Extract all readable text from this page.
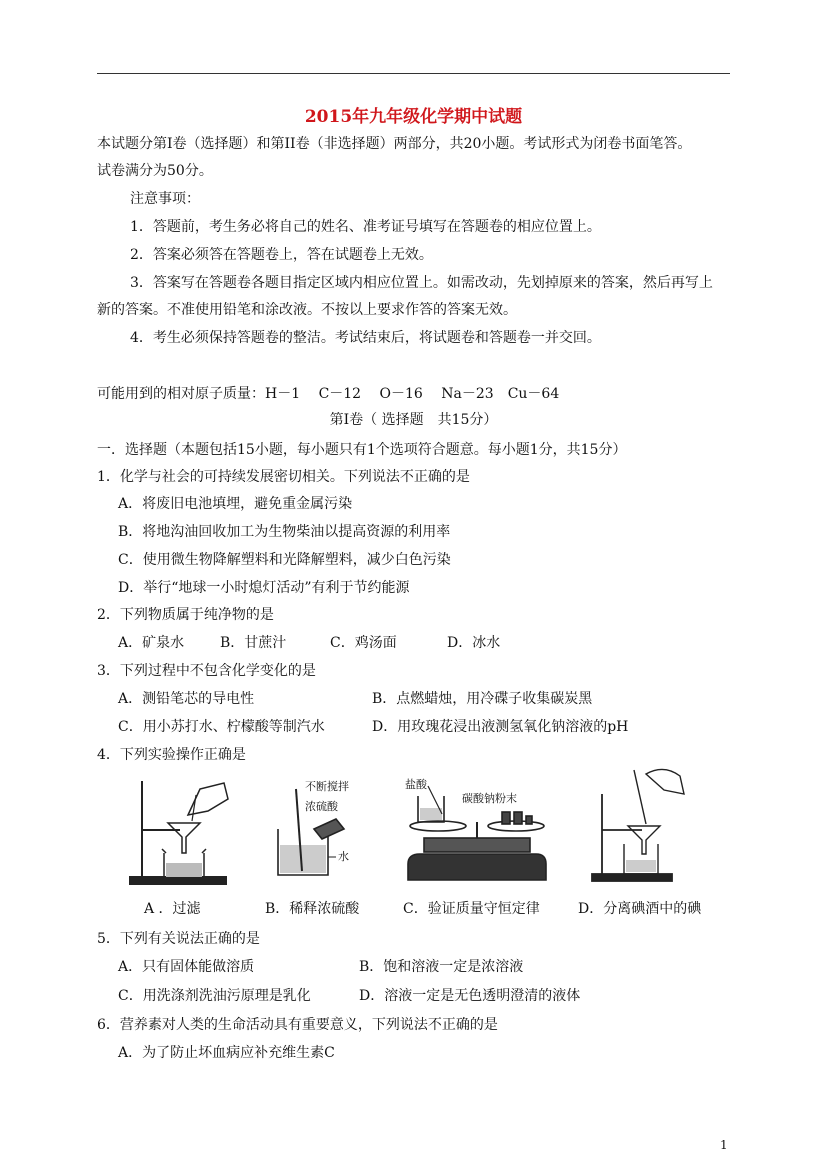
2015年九年级化学期中试题
本试题分第Ⅰ卷（选择题）和第II卷（非选择题）两部分，共20小题。考试形式为闭卷书面笔答。
试卷满分为50分。
注意事项：
1．答题前，考生务必将自己的姓名、准考证号填写在答题卷的相应位置上。
2．答案必须答在答题卷上，答在试题卷上无效。
3．答案写在答题卷各题目指定区域内相应位置上。如需改动，先划掉原来的答案，然后再写上
新的答案。不准使用铅笔和涂改液。不按以上要求作答的答案无效。
4．考生必须保持答题卷的整洁。考试结束后，将试题卷和答题卷一并交回。
可能用到的相对原子质量：H－1　 C－12　 O－16　 Na－23　Cu－64
第Ⅰ卷（ 选择题　共15分）
一．选择题（本题包括15小题，每小题只有1个选项符合题意。每小题1分，共15分）
1．化学与社会的可持续发展密切相关。下列说法不正确的是
A．将废旧电池填埋，避免重金属污染
B．将地沟油回收加工为生物柴油以提高资源的利用率
C．使用微生物降解塑料和光降解塑料，减少白色污染
D．举行“地球一小时熄灯活动”有利于节约能源
2．下列物质属于纯净物的是
A．矿泉水	B．甘蔗汁	C．鸡汤面	D．冰水
3．下列过程中不包含化学变化的是
A．测铅笔芯的导电性	B．点燃蜡烛，用冷碟子收集碳炭黑
C．用小苏打水、柠檬酸等制汽水	D．用玫瑰花浸出液测氢氧化钠溶液的pH
4．下列实验操作正确是
不断搅拌
浓硫酸
水
盐酸
碳酸钠粉末
A ．过滤	B．稀释浓硫酸	C．验证质量守恒定律	D．分离碘酒中的碘
5．下列有关说法正确的是
A．只有固体能做溶质	B．饱和溶液一定是浓溶液
C．用洗涤剂洗油污原理是乳化	D．溶液一定是无色透明澄清的液体
6．营养素对人类的生命活动具有重要意义，下列说法不正确的是
A．为了防止坏血病应补充维生素C
1
